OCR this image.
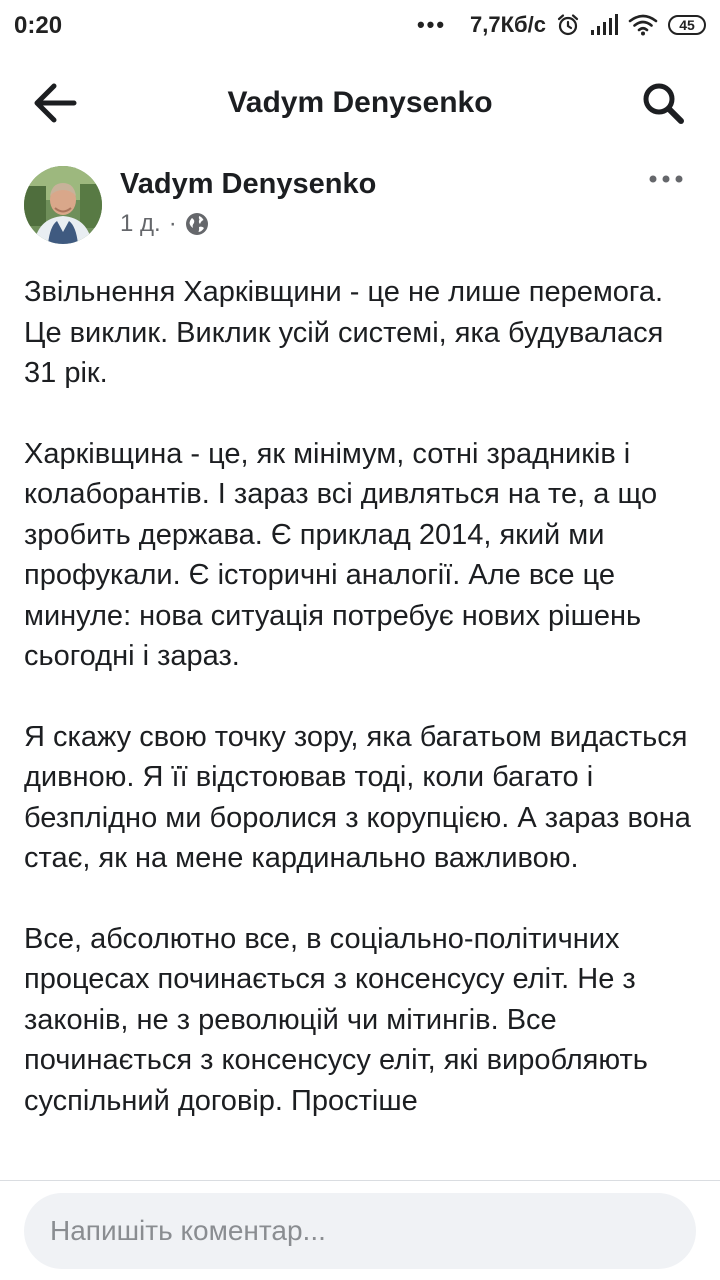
0:20	••• 7,7Кб/с	45
Vadym Denysenko
Vadym Denysenko
1 д. ·

Звільнення Харківщини - це не лише перемога. Це виклик. Виклик усій системі, яка будувалася 31 рік.

Харківщина - це, як мінімум, сотні зрадників і колаборантів. І зараз всі дивляться на те, а що зробить держава. Є приклад 2014, який ми профукали. Є історичні аналогії. Але все це минуле: нова ситуація потребує нових рішень сьогодні і зараз.

Я скажу свою точку зору, яка багатьом видасться дивною. Я її відстоював тоді, коли багато і безплідно ми боролися з корупцією. А зараз вона стає, як на мене кардинально важливою.

Все, абсолютно все, в соціально-політичних процесах починається з консенсусу еліт. Не з законів, не з революцій чи мітингів. Все починається з консенсусу еліт, які виробляють суспільний договір. Простіше

Напишіть коментар...
